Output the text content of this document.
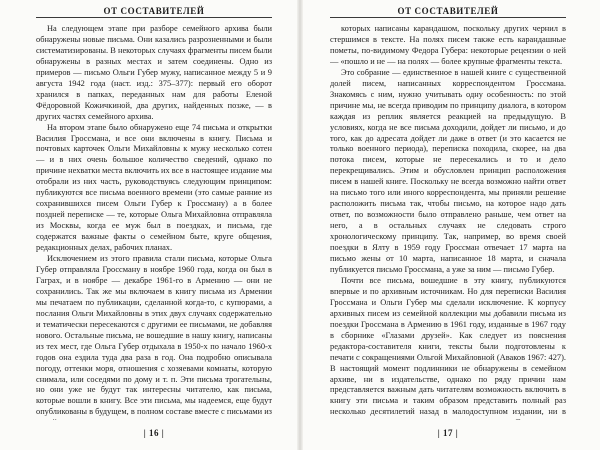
ОТ СОСТАВИТЕЛЕЙ

На следующем этапе при разборе семейного архива были обнаружены новые письма. Они казались разрозненными и были систематизированы. В некоторых случаях фрагменты писем были обнаружены в разных местах и затем соединены. Одно из примеров — письмо Ольги Губер мужу, написанное между 5 и 9 августа 1942 года (наст. изд.: 375–377): первый его оборот хранился в папках, переданных нам для работы Еленой Фёдоровной Кожичкиной, два других, найденных позже, — в других частях семейного архива.

На втором этапе было обнаружено еще 74 письма и открытки Василия Гроссмана, и все они включены в книгу. Письма и почтовых карточек Ольги Михайловны к мужу несколько сотен — и в них очень большое количество сведений, однако по причине нехватки места включить их все в настоящее издание мы отобрали из них часть, руководствуясь следующим принципом: публикуются все письма военного времени (это самые ранние из сохранившихся писем Ольги Губер к Гроссману) а в более поздней переписке — те, которые Ольга Михайловна отправляла из Москвы, когда ее муж был в поездках, и письма, где содержатся важные факты о семейном быте, круге общения, редакционных делах, рабочих планах.

Исключением из этого правила стали письма, которые Ольга Губер отправляла Гроссману в ноябре 1960 года, когда он был в Гаграх, и в ноябре — декабре 1961-го в Армению — они не сохранились. Так же мы включаем в книгу письма из Армении мы печатаем по публикации, сделанной когда-то, с купюрами, а послания Ольги Михайловны в этих двух случаях содержательно и тематически пересекаются с другими ее письмами, не добавляя нового. Остальные письма, не вошедшие в нашу книгу, написаны из тех мест, где Ольга Губер отдыхала в 1950-х по начало 1960-х годов она ездила туда два раза в год. Она подробно описывала погоду, оттенки моря, отношения с хозяевами комнаты, которую снимала, или соседями по дому и т. п. Эти письма трогательны, но они уже не будут так интересны читателю, как письма, которые вошли в книгу. Все эти письма, мы надеемся, еще будут опубликованы в будущем, в полном составе вместе с письмами из

| 16 |
ОТ СОСТАВИТЕЛЕЙ

которых написаны карандашом, поскольку других чернил в стершимся в тексте. На полях писем также есть карандашные пометы, по-видимому Федора Губера: некоторые рецензии о ней — «пошло и не — на полях — более крупные фрагменты текста.

Это собрание — единственное в нашей книге с существенной долей писем, написанных корреспондентом Гроссмана. Знакомясь с ним, нужно учитывать одну особенность: по этой причине мы, не всегда приводим по принципу диалога, в котором каждая из реплик является реакцией на предыдущую. В условиях, когда не все письма доходили, дойдет ли письмо, и до того, как до адресата дойдет ли даже в ответ (и это касается не только военного периода), переписка походила, скорее, на два потока писем, которые не пересекались и то и дело перекрещивались. Этим и обусловлен принцип расположения писем в нашей книге. Поскольку не всегда возможно найти ответ на письмо того или иного корреспондента, мы приняли решение расположить письма так, чтобы письмо, на которое надо дать ответ, по возможности было отправлено раньше, чем ответ на него, а в остальных случаях не следовать строго хронологическому принципу. Так, например, во время своей поездки в Ялту в 1959 году Гроссман отвечает 17 марта на письмо жены от 10 марта, написанное 18 марта, и сначала публикуется письмо Гроссмана, а уже за ним — письмо Губер.

Почти все письма, вошедшие в эту книгу, публикуются впервые и по архивным источникам. Но для переписки Василия Гроссмана и Ольги Губер мы сделали исключение. К корпусу архивных писем из семейной коллекции мы добавили письма из поездки Гроссмана в Армению в 1961 году, изданные в 1967 году в сборнике «Глазами друзей». Как следует из пояснения редактора-составителя книги, тексты были подготовлены к печати с сокращениями Ольгой Михайловной (Аваков 1967: 427). В настоящий момент подлинники не обнаружены в семейном архиве, ни в издательстве, однако по ряду причин нам представляется важным дать читателям возможность включить в книгу эти письма и таким образом представить полный раз несколько десятилетий назад в малодоступном издании, ни в

| 17 |
